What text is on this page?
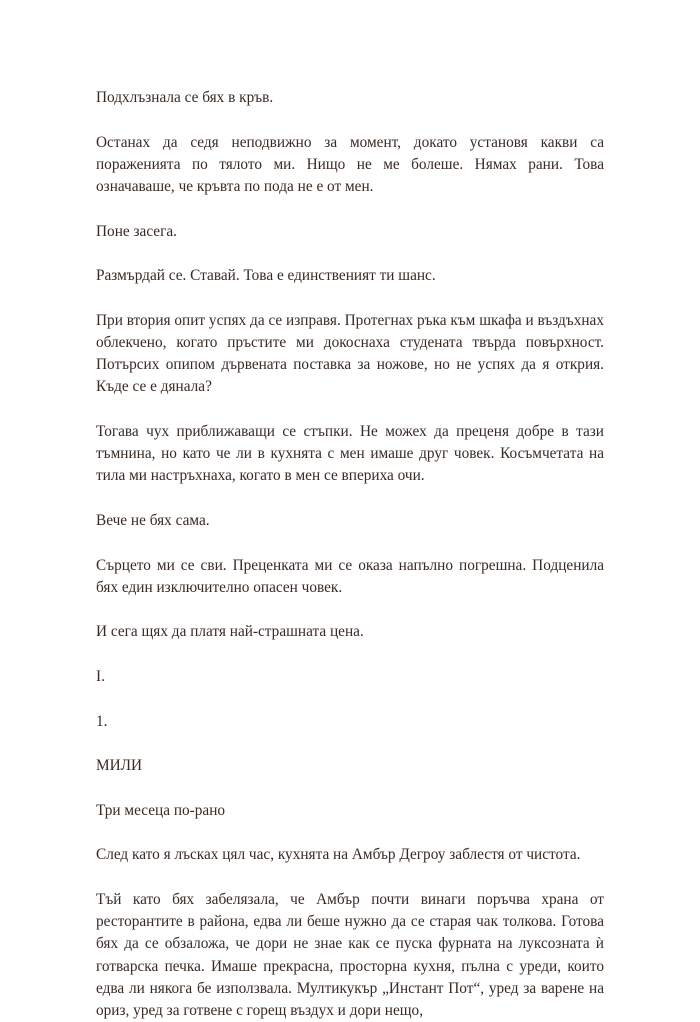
Подхлъзнала се бях в кръв.

Останах да седя неподвижно за момент, докато установя какви са пораженията по тялото ми. Нищо не ме болеше. Нямах рани. Това означаваше, че кръвта по пода не е от мен.

Поне засега.

Размърдай се. Ставай. Това е единственият ти шанс.

При втория опит успях да се изправя. Протегнах ръка към шкафа и въздъхнах облекчено, когато пръстите ми докоснаха студената твърда повърхност. Потърсих опипом дървената поставка за ножове, но не успях да я открия. Къде се е дянала?

Тогава чух приближаващи се стъпки. Не можех да преценя добре в тази тъмнина, но като че ли в кухнята с мен имаше друг човек. Косъмчетата на тила ми настръхнаха, когато в мен се впериха очи.

Вече не бях сама.

Сърцето ми се сви. Преценката ми се оказа напълно погрешна. Подценила бях един изключително опасен човек.

И сега щях да платя най-страшната цена.

I.

1.

МИЛИ

Три месеца по-рано

След като я лъсках цял час, кухнята на Амбър Дегроу заблестя от чистота.

Тъй като бях забелязала, че Амбър почти винаги поръчва храна от ресторантите в района, едва ли беше нужно да се старая чак толкова. Готова бях да се обзаложа, че дори не знае как се пуска фурната на луксозната ѝ готварска печка. Имаше прекрасна, просторна кухня, пълна с уреди, които едва ли някога бе използвала. Мултикукър „Инстант Пот“, уред за варене на ориз, уред за готвене с горещ въздух и дори нещо,
